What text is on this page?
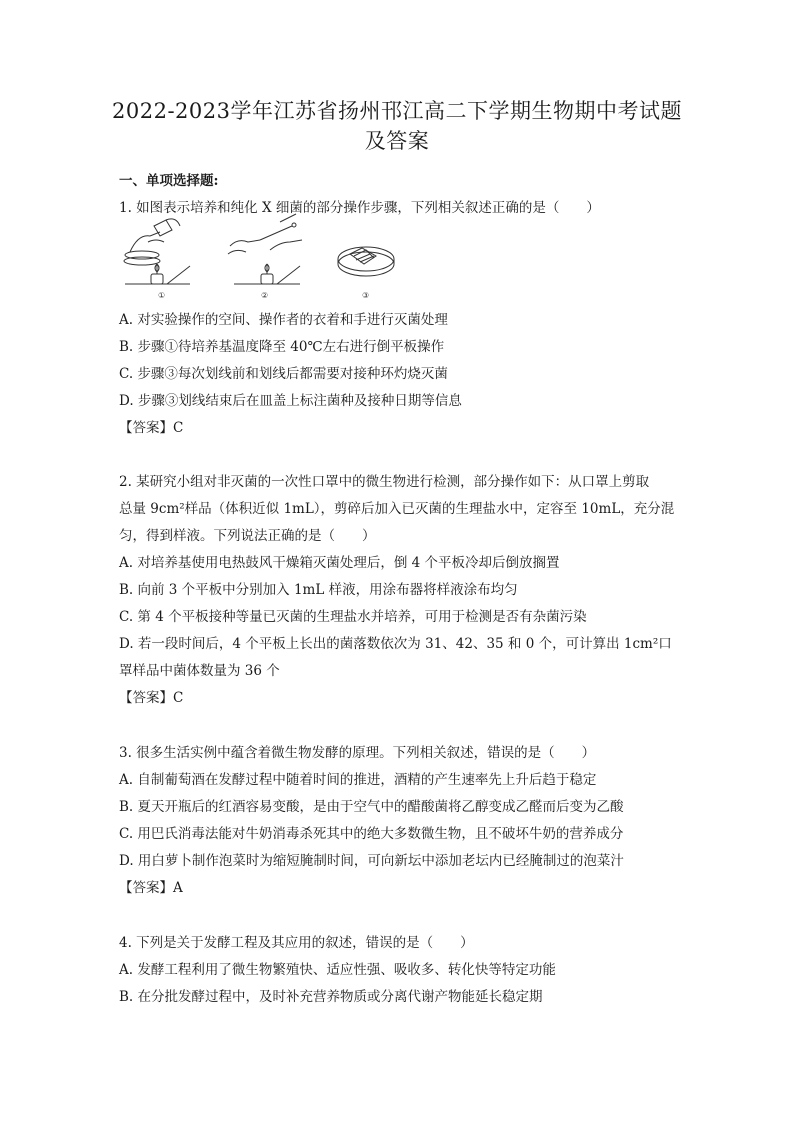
2022-2023学年江苏省扬州邗江高二下学期生物期中考试题
及答案
一、单项选择题:
1. 如图表示培养和纯化 X 细菌的部分操作步骤，下列相关叙述正确的是（　　）
①	②	③
A. 对实验操作的空间、操作者的衣着和手进行灭菌处理
B. 步骤①待培养基温度降至 40℃左右进行倒平板操作
C. 步骤③每次划线前和划线后都需要对接种环灼烧灭菌
D. 步骤③划线结束后在皿盖上标注菌种及接种日期等信息
【答案】C
2. 某研究小组对非灭菌的一次性口罩中的微生物进行检测，部分操作如下：从口罩上剪取
总量 9cm²样品（体积近似 1mL），剪碎后加入已灭菌的生理盐水中，定容至 10mL，充分混
匀，得到样液。下列说法正确的是（　　）
A. 对培养基使用电热鼓风干燥箱灭菌处理后，倒 4 个平板冷却后倒放搁置
B. 向前 3 个平板中分别加入 1mL 样液，用涂布器将样液涂布均匀
C. 第 4 个平板接种等量已灭菌的生理盐水并培养，可用于检测是否有杂菌污染
D. 若一段时间后，4 个平板上长出的菌落数依次为 31、42、35 和 0 个，可计算出 1cm²口
罩样品中菌体数量为 36 个
【答案】C
3. 很多生活实例中蕴含着微生物发酵的原理。下列相关叙述，错误的是（　　）
A. 自制葡萄酒在发酵过程中随着时间的推进，酒精的产生速率先上升后趋于稳定
B. 夏天开瓶后的红酒容易变酸，是由于空气中的醋酸菌将乙醇变成乙醛而后变为乙酸
C. 用巴氏消毒法能对牛奶消毒杀死其中的绝大多数微生物，且不破坏牛奶的营养成分
D. 用白萝卜制作泡菜时为缩短腌制时间，可向新坛中添加老坛内已经腌制过的泡菜汁
【答案】A
4. 下列是关于发酵工程及其应用的叙述，错误的是（　　）
A. 发酵工程利用了微生物繁殖快、适应性强、吸收多、转化快等特定功能
B. 在分批发酵过程中，及时补充营养物质或分离代谢产物能延长稳定期
